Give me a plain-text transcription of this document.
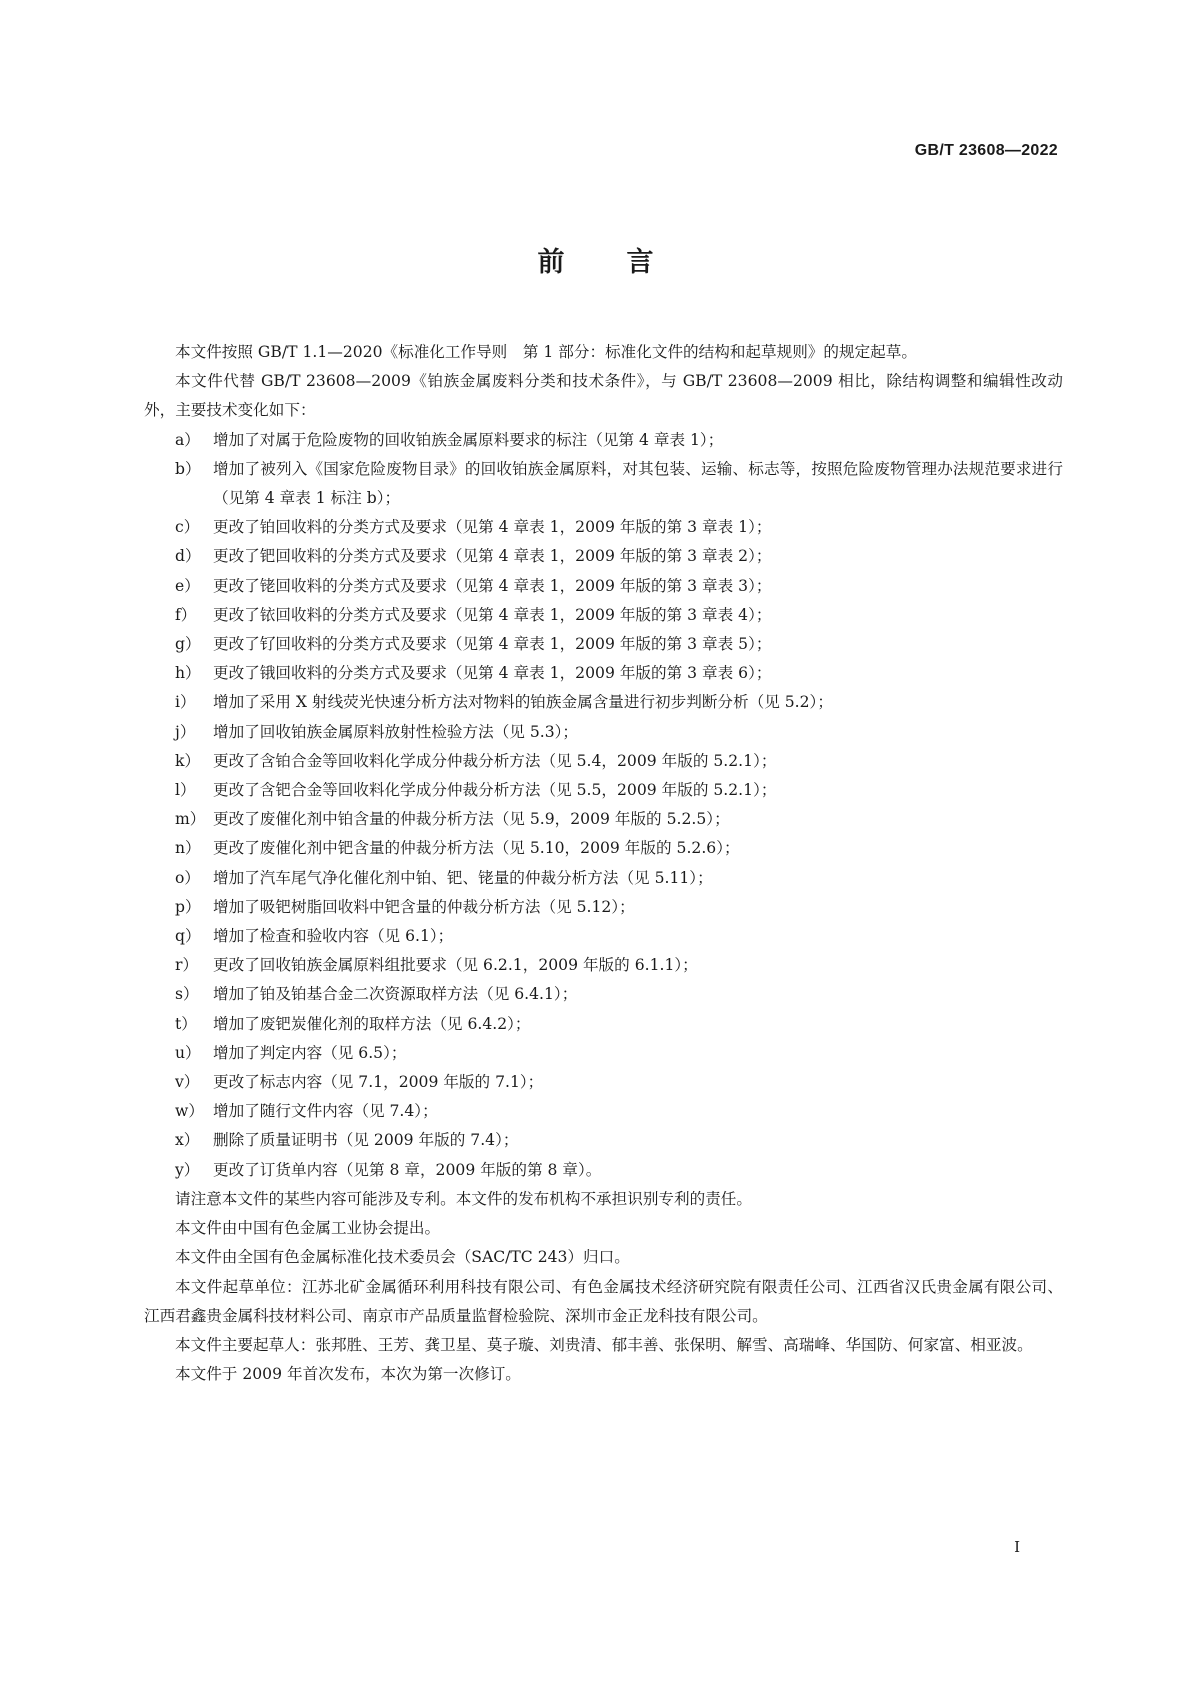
GB/T 23608—2022
前言

本文件按照 GB/T 1.1—2020《标准化工作导则　第 1 部分：标准化文件的结构和起草规则》的规定起草。

本文件代替 GB/T 23608—2009《铂族金属废料分类和技术条件》，与 GB/T 23608—2009 相比，除结构调整和编辑性改动外，主要技术变化如下：

a） 增加了对属于危险废物的回收铂族金属原料要求的标注（见第 4 章表 1）；
b） 增加了被列入《国家危险废物目录》的回收铂族金属原料，对其包装、运输、标志等，按照危险废物管理办法规范要求进行（见第 4 章表 1 标注 b）；
c） 更改了铂回收料的分类方式及要求（见第 4 章表 1，2009 年版的第 3 章表 1）；
d） 更改了钯回收料的分类方式及要求（见第 4 章表 1，2009 年版的第 3 章表 2）；
e） 更改了铑回收料的分类方式及要求（见第 4 章表 1，2009 年版的第 3 章表 3）；
f）	更改了铱回收料的分类方式及要求（见第 4 章表 1，2009 年版的第 3 章表 4）；
g） 更改了钌回收料的分类方式及要求（见第 4 章表 1，2009 年版的第 3 章表 5）；
h） 更改了锇回收料的分类方式及要求（见第 4 章表 1，2009 年版的第 3 章表 6）；
i）	增加了采用 X 射线荧光快速分析方法对物料的铂族金属含量进行初步判断分析（见 5.2）；
j）	增加了回收铂族金属原料放射性检验方法（见 5.3）；
k） 更改了含铂合金等回收料化学成分仲裁分析方法（见 5.4，2009 年版的 5.2.1）；
l）	更改了含钯合金等回收料化学成分仲裁分析方法（见 5.5，2009 年版的 5.2.1）；
m） 更改了废催化剂中铂含量的仲裁分析方法（见 5.9，2009 年版的 5.2.5）；
n） 更改了废催化剂中钯含量的仲裁分析方法（见 5.10，2009 年版的 5.2.6）；
o） 增加了汽车尾气净化催化剂中铂、钯、铑量的仲裁分析方法（见 5.11）；
p） 增加了吸钯树脂回收料中钯含量的仲裁分析方法（见 5.12）；
q） 增加了检查和验收内容（见 6.1）；
r） 更改了回收铂族金属原料组批要求（见 6.2.1，2009 年版的 6.1.1）；
s） 增加了铂及铂基合金二次资源取样方法（见 6.4.1）；
t）	增加了废钯炭催化剂的取样方法（见 6.4.2）；
u） 增加了判定内容（见 6.5）；
v） 更改了标志内容（见 7.1，2009 年版的 7.1）；
w） 增加了随行文件内容（见 7.4）；
x） 删除了质量证明书（见 2009 年版的 7.4）；
y） 更改了订货单内容（见第 8 章，2009 年版的第 8 章）。

请注意本文件的某些内容可能涉及专利。本文件的发布机构不承担识别专利的责任。

本文件由中国有色金属工业协会提出。

本文件由全国有色金属标准化技术委员会（SAC/TC 243）归口。

本文件起草单位：江苏北矿金属循环利用科技有限公司、有色金属技术经济研究院有限责任公司、江西省汉氏贵金属有限公司、江西君鑫贵金属科技材料公司、南京市产品质量监督检验院、深圳市金正龙科技有限公司。

本文件主要起草人：张邦胜、王芳、龚卫星、莫子璇、刘贵清、郁丰善、张保明、解雪、高瑞峰、华国防、何家富、相亚波。

本文件于 2009 年首次发布，本次为第一次修订。

I
